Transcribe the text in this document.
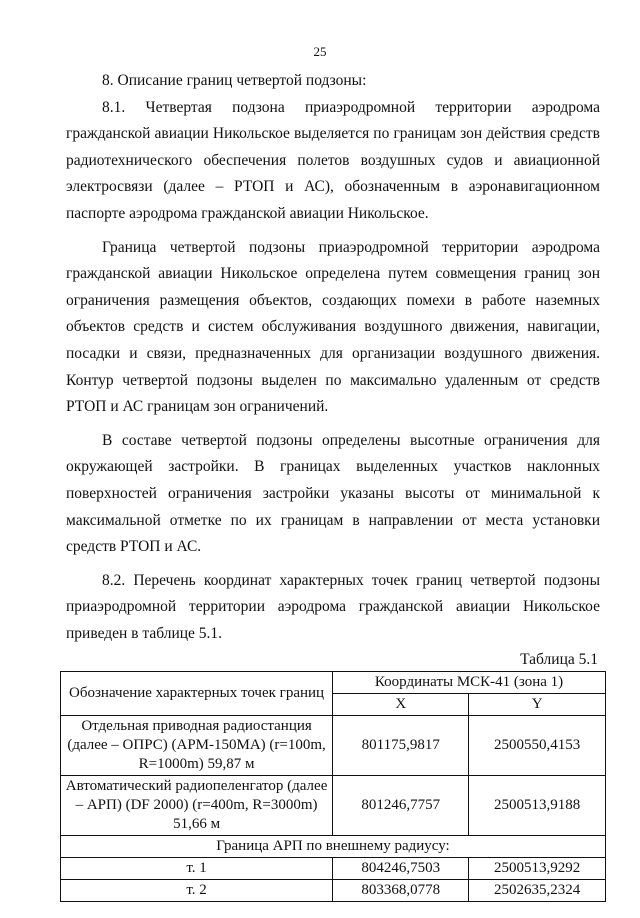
25

8. Описание границ четвертой подзоны:

8.1. Четвертая подзона приаэродромной территории аэродрома гражданской авиации Никольское выделяется по границам зон действия средств радиотехнического обеспечения полетов воздушных судов и авиационной электросвязи (далее – РТОП и АС), обозначенным в аэронавигационном паспорте аэродрома гражданской авиации Никольское.

Граница четвертой подзоны приаэродромной территории аэродрома гражданской авиации Никольское определена путем совмещения границ зон ограничения размещения объектов, создающих помехи в работе наземных объектов средств и систем обслуживания воздушного движения, навигации, посадки и связи, предназначенных для организации воздушного движения. Контур четвертой подзоны выделен по максимально удаленным от средств РТОП и АС границам зон ограничений.

В составе четвертой подзоны определены высотные ограничения для окружающей застройки. В границах выделенных участков наклонных поверхностей ограничения застройки указаны высоты от минимальной к максимальной отметке по их границам в направлении от места установки средств РТОП и АС.

8.2. Перечень координат характерных точек границ четвертой подзоны приаэродромной территории аэродрома гражданской авиации Никольское приведен в таблице 5.1.

Таблица 5.1

Обозначение характерных точек границ	Координаты МСК-41 (зона 1)	
	X	Y
Отдельная приводная радиостанция (далее – ОПРС) (АРМ-150МА) (r=100m, R=1000m) 59,87 м	801175,9817	2500550,4153
Автоматический радиопеленгатор (далее – АРП) (DF 2000) (r=400m, R=3000m) 51,66 м	801246,7757	2500513,9188
Граница АРП по внешнему радиусу:		
т. 1	804246,7503	2500513,9292
т. 2	803368,0778	2502635,2324
